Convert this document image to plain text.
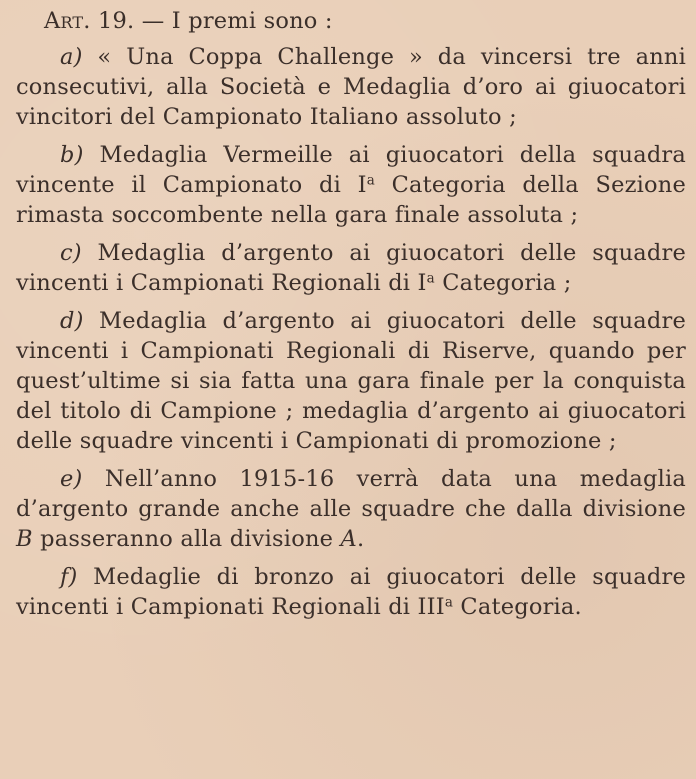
Art. 19. — I premi sono :

a) « Una Coppa Challenge » da vincersi tre anni consecutivi, alla Società e Medaglia d’oro ai giuocatori vincitori del Campionato Italiano assoluto ;

b) Medaglia Vermeille ai giuocatori della squadra vincente il Campionato di $I^a$ Categoria della Sezione rimasta soccombente nella gara finale assoluta ;

c) Medaglia d’argento ai giuocatori delle squadre vincenti i Campionati Regionali di $I^a$ Categoria ;

d) Medaglia d’argento ai giuocatori delle squadre vincenti i Campionati Regionali di Riserve, quando per quest’ultime si sia fatta una gara finale per la conquista del titolo di Campione ; medaglia d’argento ai giuocatori delle squadre vincenti i Campionati di promozione ;

e) Nell’anno 1915-16 verrà data una medaglia d’argento grande anche alle squadre che dalla divisione B passeranno alla divisione A.

f) Medaglie di bronzo ai giuocatori delle squadre vincenti i Campionati Regionali di III$^a$ Categoria.
